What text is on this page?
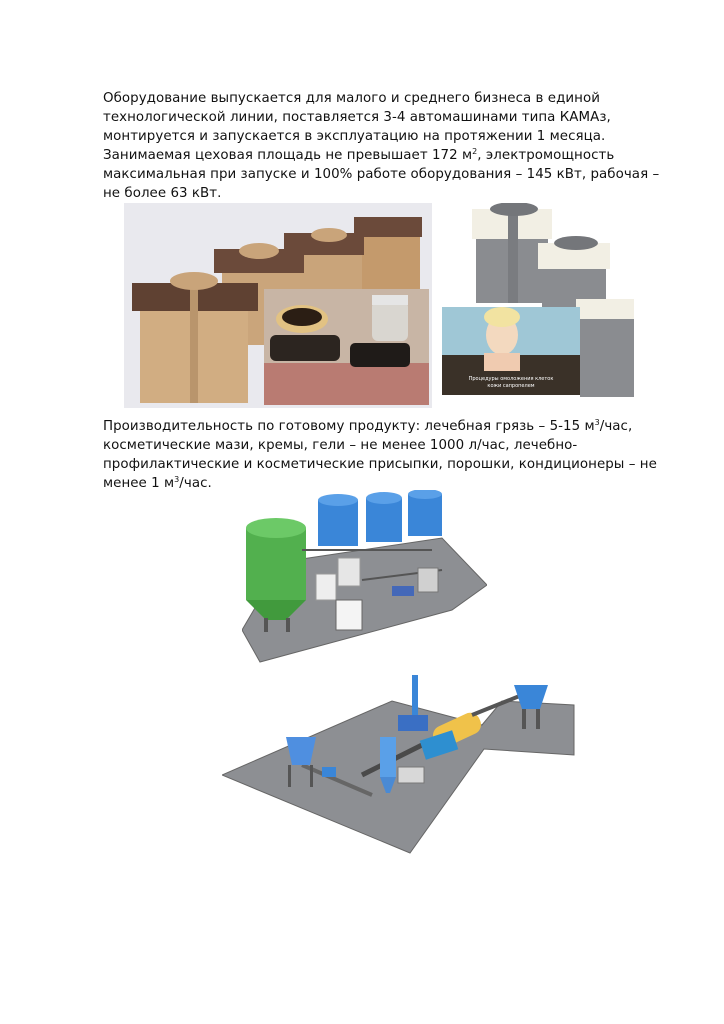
Оборудование выпускается для малого и среднего бизнеса в единой
технологической линии, поставляется 3-4 автомашинами типа КАМАз,
монтируется и запускается в эксплуатацию на протяжении 1 месяца.
Занимаемая цеховая площадь не превышает 172 $м^2$, электромощность
максимальная при запуске и 100% работе оборудования – 145 кВт, рабочая –
не более 63 кВт.
Процедуры омоложения клеток
кожи сапропелем
Производительность по готовому продукту: лечебная грязь – 5-15 $м^3$/час,
косметические мази, кремы, гели – не менее 1000 л/час, лечебно-
профилактические и косметические присыпки, порошки, кондиционеры – не
менее 1 $м^3$/час.
